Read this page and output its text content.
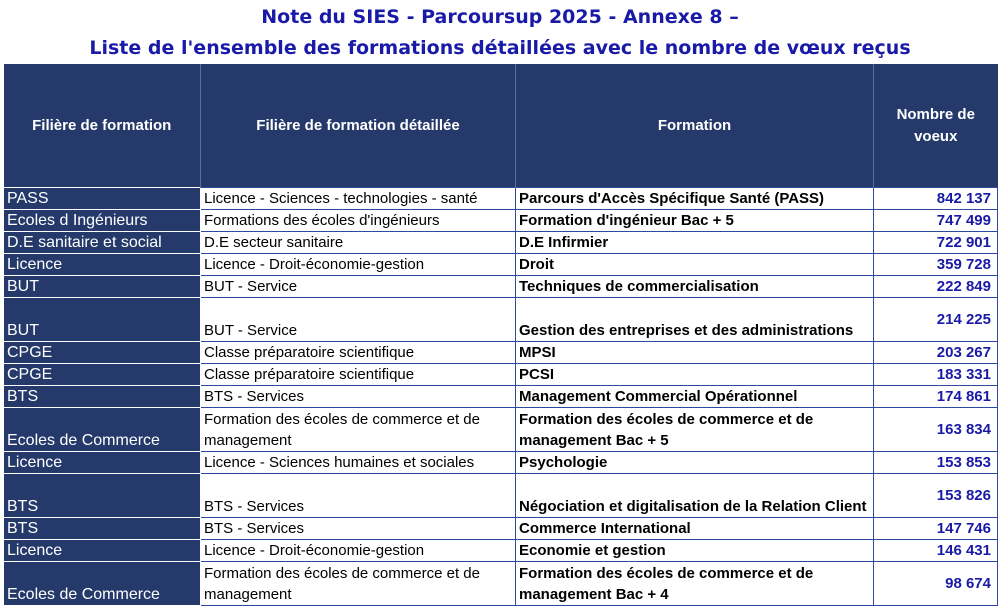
Note du SIES - Parcoursup 2025 - Annexe 8 –
Liste de l'ensemble des formations détaillées avec le nombre de vœux reçus
Filière de formation	Filière de formation détaillée	Formation	Nombre de voeux
PASS	Licence - Sciences - technologies - santé	Parcours d'Accès Spécifique Santé (PASS)	842 137
Ecoles d Ingénieurs	Formations des écoles d'ingénieurs	Formation d'ingénieur Bac + 5	747 499
D.E sanitaire et social	D.E secteur sanitaire	D.E Infirmier	722 901
Licence	Licence - Droit-économie-gestion	Droit	359 728
BUT	BUT - Service	Techniques de commercialisation	222 849
BUT	BUT - Service	Gestion des entreprises et des administrations	214 225
CPGE	Classe préparatoire scientifique	MPSI	203 267
CPGE	Classe préparatoire scientifique	PCSI	183 331
BTS	BTS - Services	Management Commercial Opérationnel	174 861
Ecoles de Commerce	Formation des écoles de commerce et de management	Formation des écoles de commerce et de management Bac + 5	163 834
Licence	Licence - Sciences humaines et sociales	Psychologie	153 853
BTS	BTS - Services	Négociation et digitalisation de la Relation Client	153 826
BTS	BTS - Services	Commerce International	147 746
Licence	Licence - Droit-économie-gestion	Economie et gestion	146 431
Ecoles de Commerce	Formation des écoles de commerce et de management	Formation des écoles de commerce et de management Bac + 4	98 674
